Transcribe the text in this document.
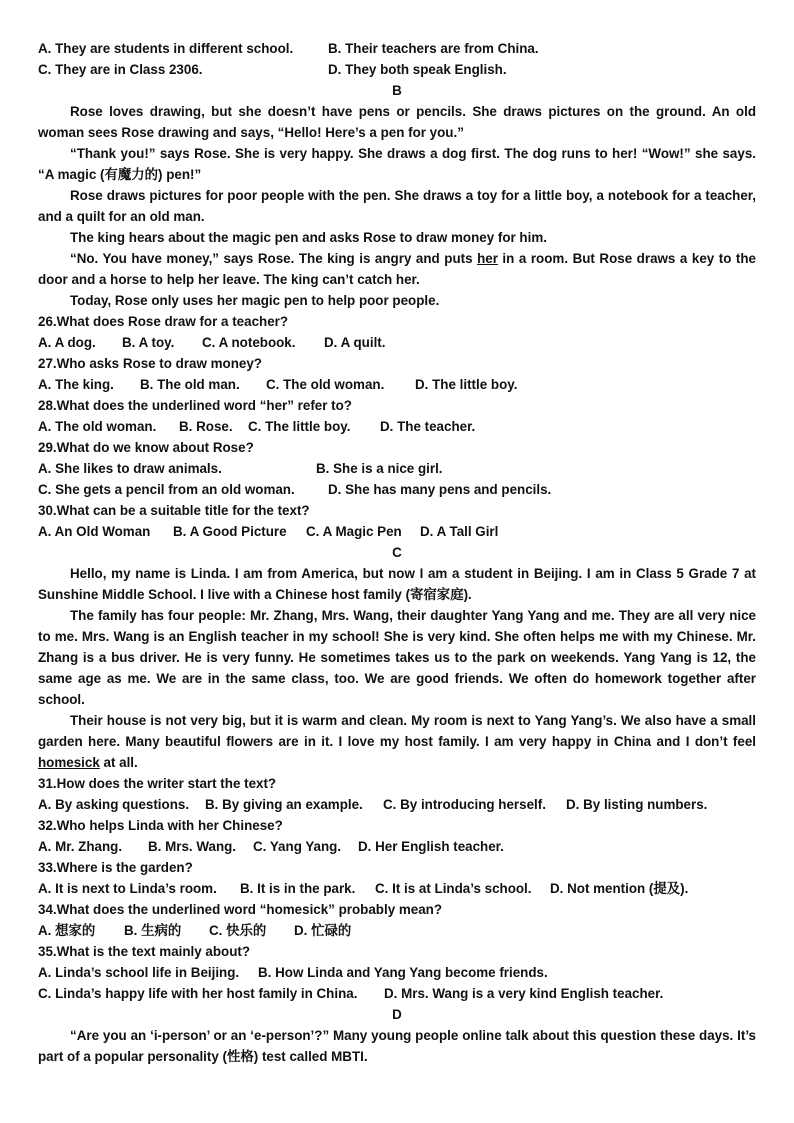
A. They are students in different school.	B. Their teachers are from China.
C. They are in Class 2306.	D. They both speak English.
B

Rose loves drawing, but she doesn’t have pens or pencils. She draws pictures on the ground. An old woman sees Rose drawing and says, “Hello! Here’s a pen for you.”

“Thank you!” says Rose. She is very happy. She draws a dog first. The dog runs to her! “Wow!” she says. “A magic (有魔力的) pen!”

Rose draws pictures for poor people with the pen. She draws a toy for a little boy, a notebook for a teacher, and a quilt for an old man.

The king hears about the magic pen and asks Rose to draw money for him.

“No. You have money,” says Rose. The king is angry and puts her in a room. But Rose draws a key to the door and a horse to help her leave. The king can’t catch her.

Today, Rose only uses her magic pen to help poor people.

26.What does Rose draw for a teacher?
A. A dog. B. A toy. C. A notebook. D. A quilt.
27.Who asks Rose to draw money?
A. The king. B. The old man. C. The old woman. D. The little boy.
28.What does the underlined word “her” refer to?
A. The old woman. B. Rose. C. The little boy. D. The teacher.
29.What do we know about Rose?
A. She likes to draw animals.	B. She is a nice girl.
C. She gets a pencil from an old woman. D. She has many pens and pencils.
30.What can be a suitable title for the text?
A. An Old Woman B. A Good Picture C. A Magic Pen D. A Tall Girl
C

Hello, my name is Linda. I am from America, but now I am a student in Beijing. I am in Class 5 Grade 7 at Sunshine Middle School. I live with a Chinese host family (寄宿家庭).

The family has four people: Mr. Zhang, Mrs. Wang, their daughter Yang Yang and me. They are all very nice to me. Mrs. Wang is an English teacher in my school! She is very kind. She often helps me with my Chinese. Mr. Zhang is a bus driver. He is very funny. He sometimes takes us to the park on weekends. Yang Yang is 12, the same age as me. We are in the same class, too. We are good friends. We often do homework together after school.

Their house is not very big, but it is warm and clean. My room is next to Yang Yang’s. We also have a small garden here. Many beautiful flowers are in it. I love my host family. I am very happy in China and I don’t feel homesick at all.

31.How does the writer start the text?
A. By asking questions. B. By giving an example. C. By introducing herself. D. By listing numbers.
32.Who helps Linda with her Chinese?
A. Mr. Zhang. B. Mrs. Wang. C. Yang Yang. D. Her English teacher.
33.Where is the garden?
A. It is next to Linda’s room. B. It is in the park. C. It is at Linda’s school. D. Not mention (提及).
34.What does the underlined word “homesick” probably mean?
A. 想家的 B. 生病的 C. 快乐的 D. 忙碌的
35.What is the text mainly about?
A. Linda’s school life in Beijing. B. How Linda and Yang Yang become friends.
C. Linda’s happy life with her host family in China. D. Mrs. Wang is a very kind English teacher.
D

“Are you an ‘i-person’ or an ‘e-person’?” Many young people online talk about this question these days. It’s part of a popular personality (性格) test called MBTI.
